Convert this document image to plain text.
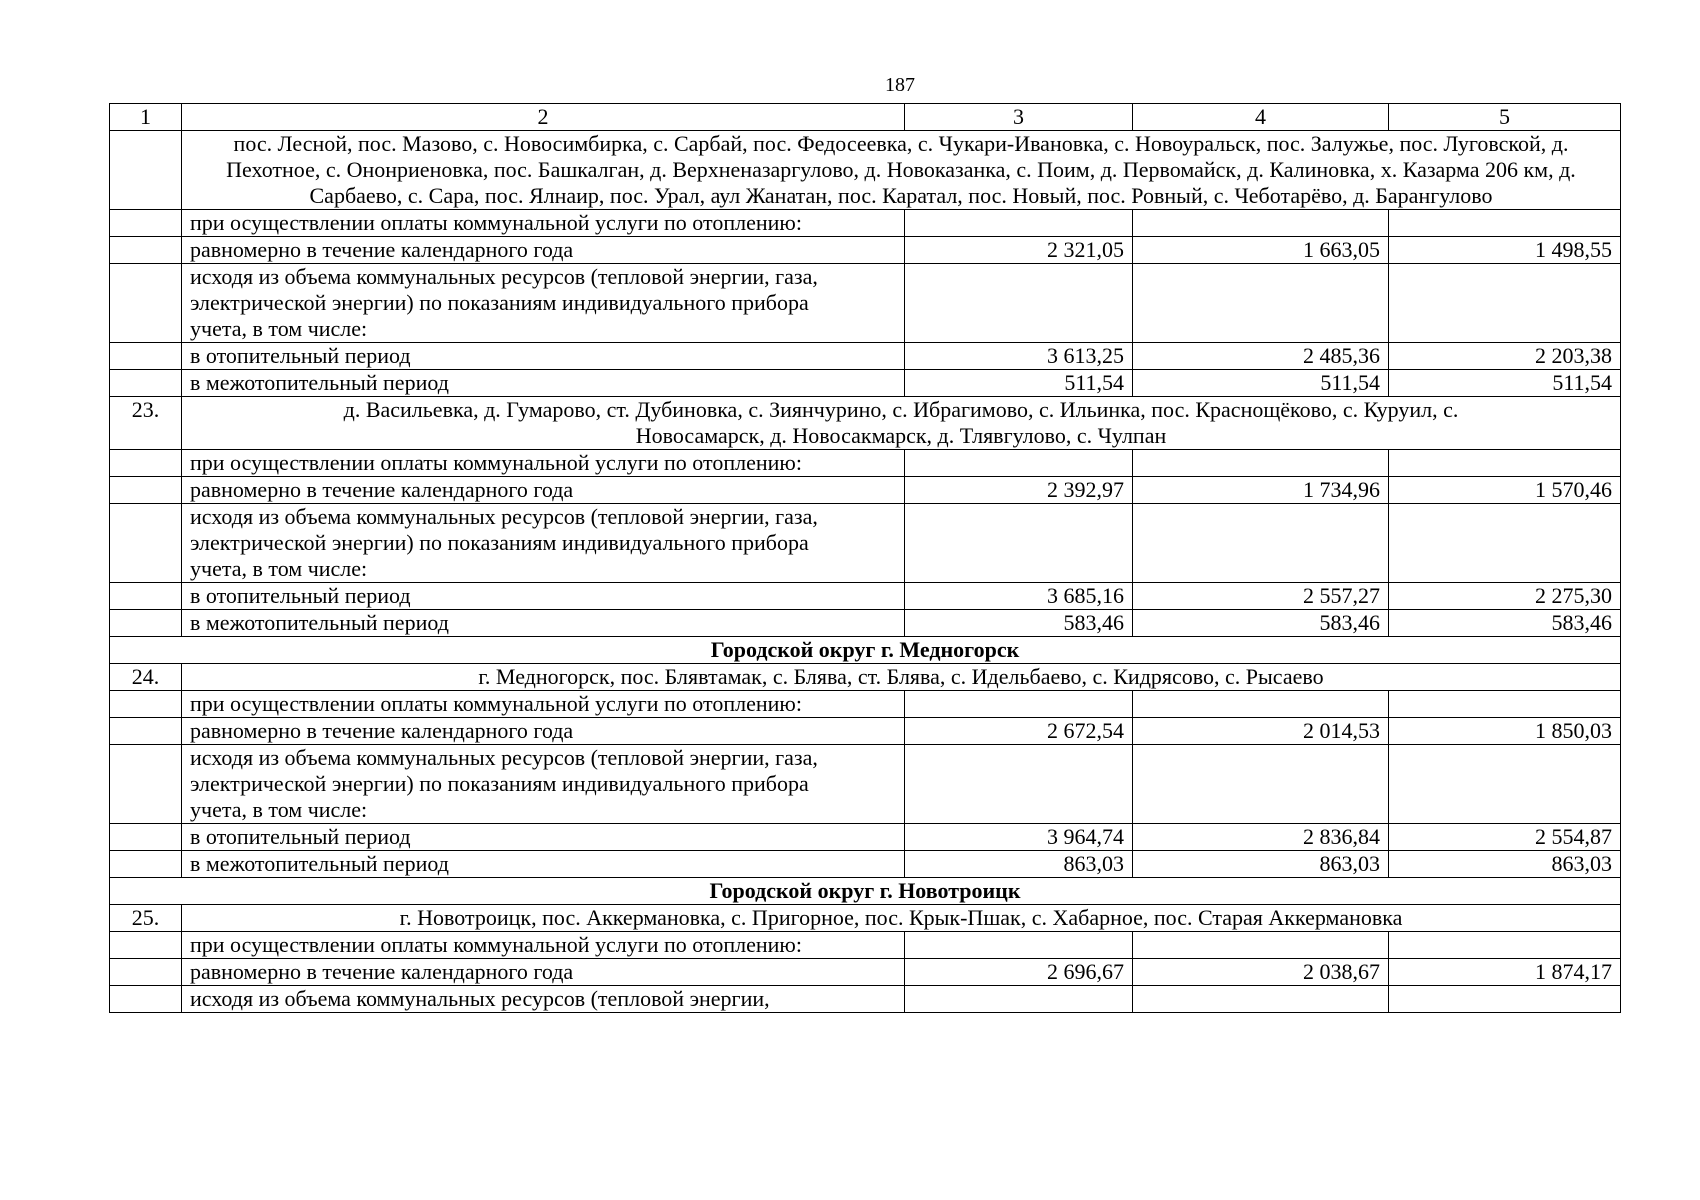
187
1	2	3	4	5
	пос. Лесной, пос. Мазово, с. Новосимбирка, с. Сарбай, пос. Федосеевка, с. Чукари-Ивановка, с. Новоуральск, пос. Залужье, пос. Луговской, д. Пехотное, с. Ононриеновка, пос. Башкалган, д. Верхненазаргулово, д. Новоказанка, с. Поим, д. Первомайск, д. Калиновка, х. Казарма 206 км, д. Сарбаево, с. Сара, пос. Ялнаир, пос. Урал, аул Жанатан, пос. Каратал, пос. Новый, пос. Ровный, с. Чеботарёво, д. Барангулово			
	при осуществлении оплаты коммунальной услуги по отоплению:			
	равномерно в течение календарного года	2 321,05	1 663,05	1 498,55
	исходя из объема коммунальных ресурсов (тепловой энергии, газа, электрической энергии) по показаниям индивидуального прибора учета, в том числе:			
	в отопительный период	3 613,25	2 485,36	2 203,38
	в межотопительный период	511,54	511,54	511,54
23.	д. Васильевка, д. Гумарово, ст. Дубиновка, с. Зиянчурино, с. Ибрагимово, с. Ильинка, пос. Краснощёково, с. Куруил, с. Новосамарск, д. Новосакмарск, д. Тлявгулово, с. Чулпан			
	при осуществлении оплаты коммунальной услуги по отоплению:			
	равномерно в течение календарного года	2 392,97	1 734,96	1 570,46
	исходя из объема коммунальных ресурсов (тепловой энергии, газа, электрической энергии) по показаниям индивидуального прибора учета, в том числе:			
	в отопительный период	3 685,16	2 557,27	2 275,30
	в межотопительный период	583,46	583,46	583,46
Городской округ г. Медногорск				
24.	г. Медногорск, пос. Блявтамак, с. Блява, ст. Блява, с. Идельбаево, с. Кидрясово, с. Рысаево			
	при осуществлении оплаты коммунальной услуги по отоплению:			
	равномерно в течение календарного года	2 672,54	2 014,53	1 850,03
	исходя из объема коммунальных ресурсов (тепловой энергии, газа, электрической энергии) по показаниям индивидуального прибора учета, в том числе:			
	в отопительный период	3 964,74	2 836,84	2 554,87
	в межотопительный период	863,03	863,03	863,03
Городской округ г. Новотроицк				
25.	г. Новотроицк, пос. Аккермановка, с. Пригорное, пос. Крык-Пшак, с. Хабарное, пос. Старая Аккермановка			
	при осуществлении оплаты коммунальной услуги по отоплению:			
	равномерно в течение календарного года	2 696,67	2 038,67	1 874,17
	исходя из объема коммунальных ресурсов (тепловой энергии,			
